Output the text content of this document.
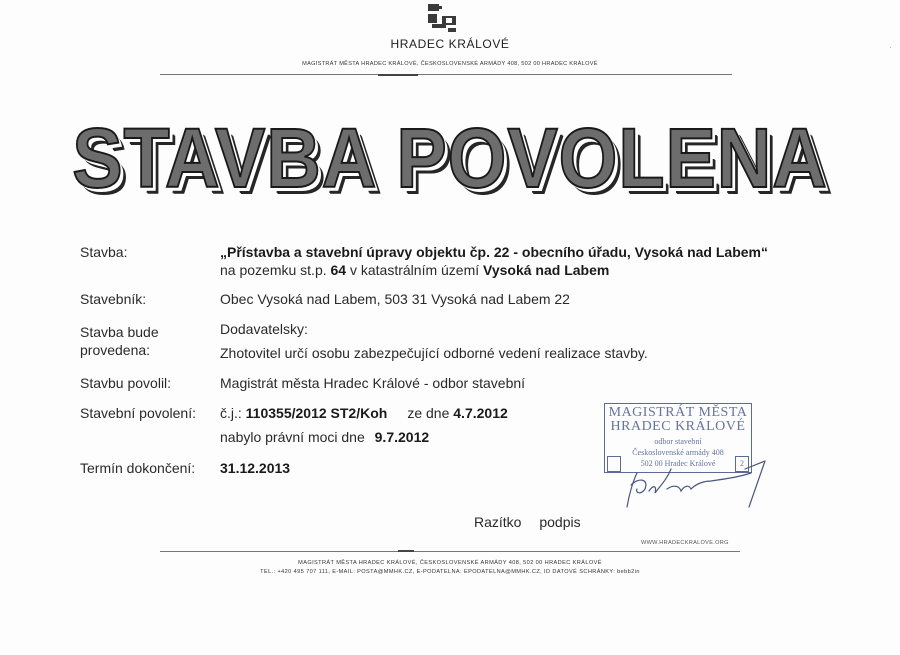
HRADEC KRÁLOVÉ
MAGISTRÁT MĚSTA HRADEC KRÁLOVÉ, ČESKOSLOVENSKÉ ARMÁDY 408, 502 00 HRADEC KRÁLOVÉ
·
STAVBA POVOLENA
Stavba:	„Přístavba a stavební úpravy objektu čp. 22 - obecního úřadu, Vysoká nad Labem“
na pozemku st.p. 64 v katastrálním území Vysoká nad Labem
Stavebník:	Obec Vysoká nad Labem, 503 31 Vysoká nad Labem 22
Stavba bude
provedena:
Dodavatelsky:
Zhotovitel určí osobu zabezpečující odborné vedení realizace stavby.
Stavbu povolil:	Magistrát města Hradec Králové - odbor stavební
Stavební povolení: č.j.: 110355/2012 ST2/Koh ze dne 4.7.2012
nabylo právní moci dne 9.7.2012
Termín dokončení: 31.12.2013
MAGISTRÁT MĚSTA
HRADEC KRÁLOVÉ
odbor stavební
Československé armády 408
502 00 Hradec Králové	2
Razítko podpis
WWW.HRADECKRALOVE.ORG
MAGISTRÁT MĚSTA HRADEC KRÁLOVÉ, ČESKOSLOVENSKÉ ARMÁDY 408, 502 00 HRADEC KRÁLOVÉ
TEL.: +420 495 707 111, E-MAIL: POSTA@MMHK.CZ, E-PODATELNA: EPODATELNA@MMHK.CZ, ID DATOVÉ SCHRÁNKY: bebb2in
